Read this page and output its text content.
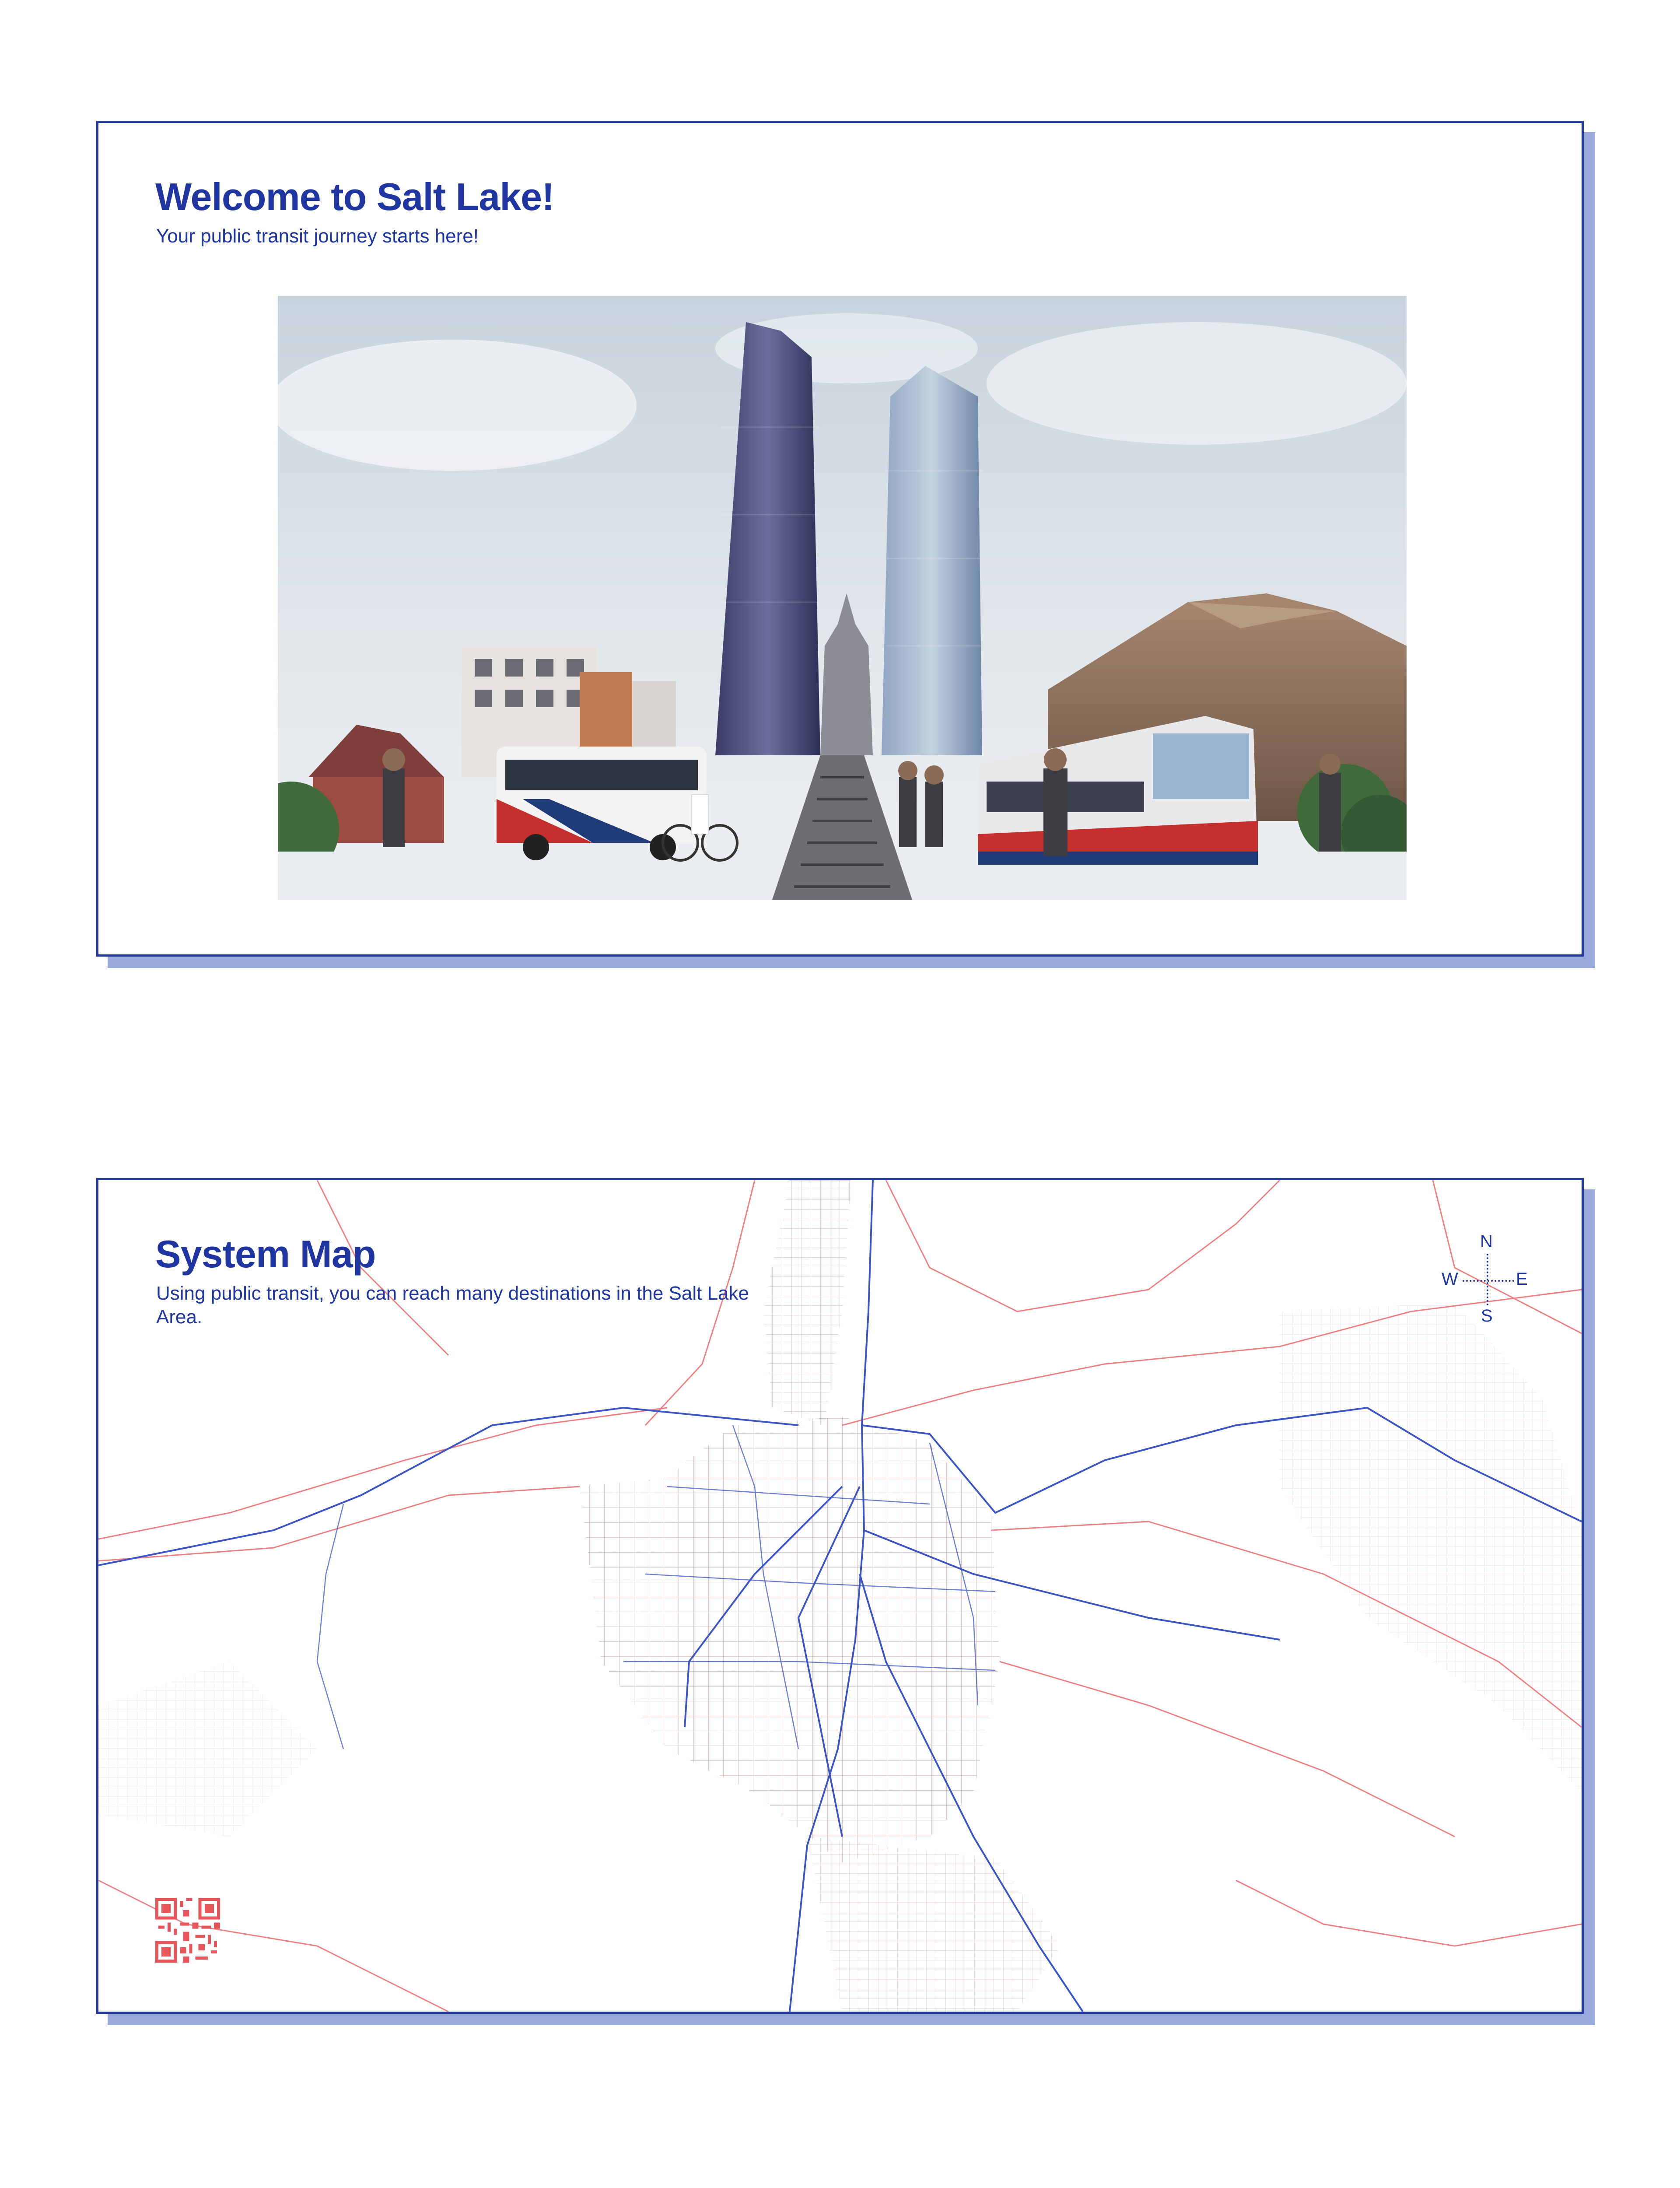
Welcome to Salt Lake!

Your public transit journey starts here!

System Map

Using public transit, you can reach many destinations in the Salt Lake Area.

N
S
W	E
